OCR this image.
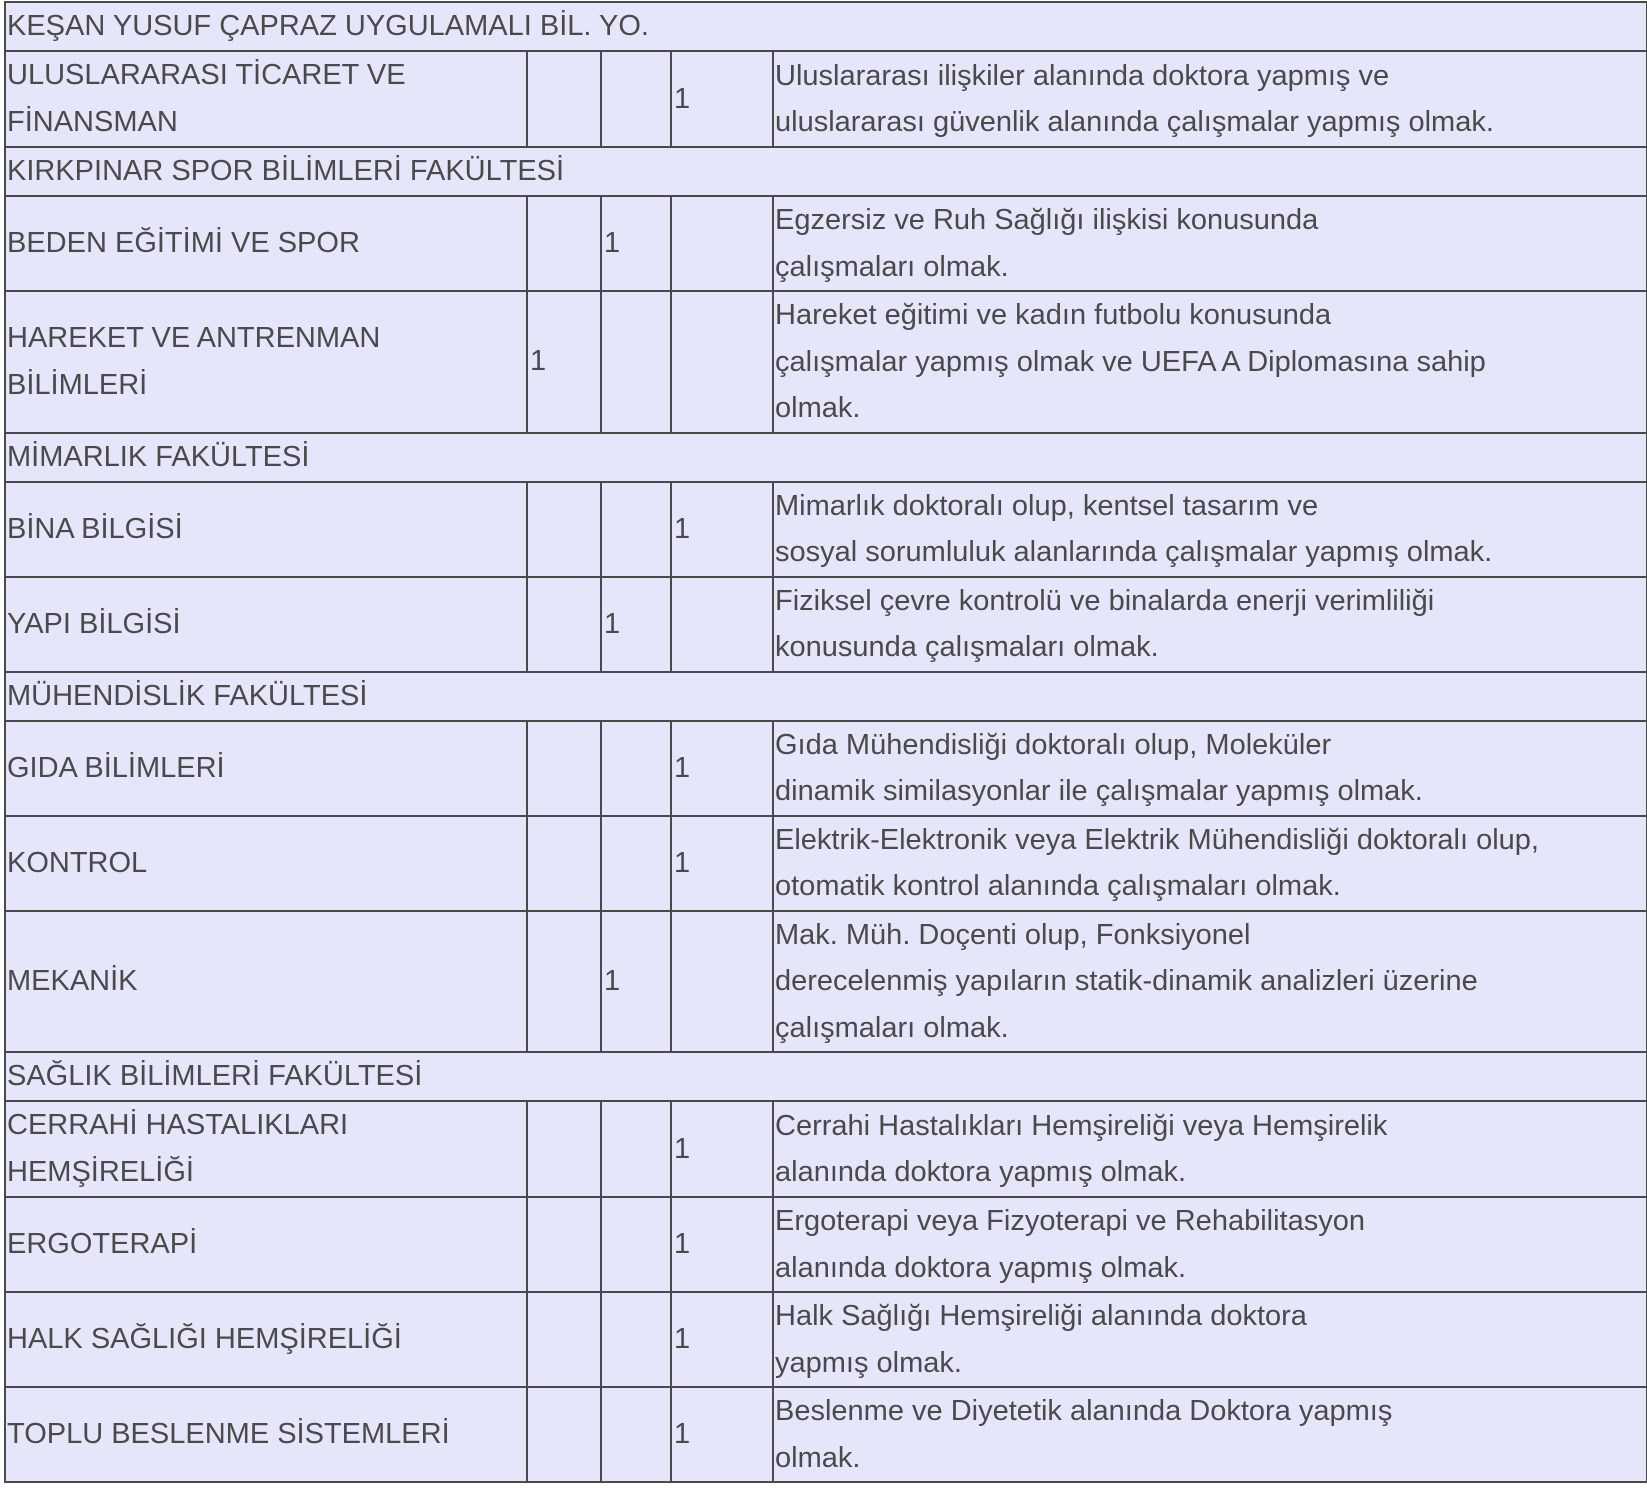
KEŞAN YUSUF ÇAPRAZ UYGULAMALI BİL. YO.				
ULUSLARARASI TİCARET VE
FİNANSMAN			1	Uluslararası ilişkiler alanında doktora yapmış ve
uluslararası güvenlik alanında çalışmalar yapmış olmak.
KIRKPINAR SPOR BİLİMLERİ FAKÜLTESİ				
BEDEN EĞİTİMİ VE SPOR		1		Egzersiz ve Ruh Sağlığı ilişkisi konusunda
çalışmaları olmak.
HAREKET VE ANTRENMAN
BİLİMLERİ	1			Hareket eğitimi ve kadın futbolu konusunda
çalışmalar yapmış olmak ve UEFA A Diplomasına sahip
olmak.
MİMARLIK FAKÜLTESİ				
BİNA BİLGİSİ			1	Mimarlık doktoralı olup, kentsel tasarım ve
sosyal sorumluluk alanlarında çalışmalar yapmış olmak.
YAPI BİLGİSİ		1		Fiziksel çevre kontrolü ve binalarda enerji verimliliği
konusunda çalışmaları olmak.
MÜHENDİSLİK FAKÜLTESİ				
GIDA BİLİMLERİ			1	Gıda Mühendisliği doktoralı olup, Moleküler
dinamik similasyonlar ile çalışmalar yapmış olmak.
KONTROL			1	Elektrik-Elektronik veya Elektrik Mühendisliği doktoralı olup,
otomatik kontrol alanında çalışmaları olmak.
MEKANİK		1		Mak. Müh. Doçenti olup, Fonksiyonel
derecelenmiş yapıların statik-dinamik analizleri üzerine
çalışmaları olmak.
SAĞLIK BİLİMLERİ FAKÜLTESİ				
CERRAHİ HASTALIKLARI
HEMŞİRELİĞİ			1	Cerrahi Hastalıkları Hemşireliği veya Hemşirelik
alanında doktora yapmış olmak.
ERGOTERAPİ			1	Ergoterapi veya Fizyoterapi ve Rehabilitasyon
alanında doktora yapmış olmak.
HALK SAĞLIĞI HEMŞİRELİĞİ			1	Halk Sağlığı Hemşireliği alanında doktora
yapmış olmak.
TOPLU BESLENME SİSTEMLERİ			1	Beslenme ve Diyetetik alanında Doktora yapmış
olmak.
